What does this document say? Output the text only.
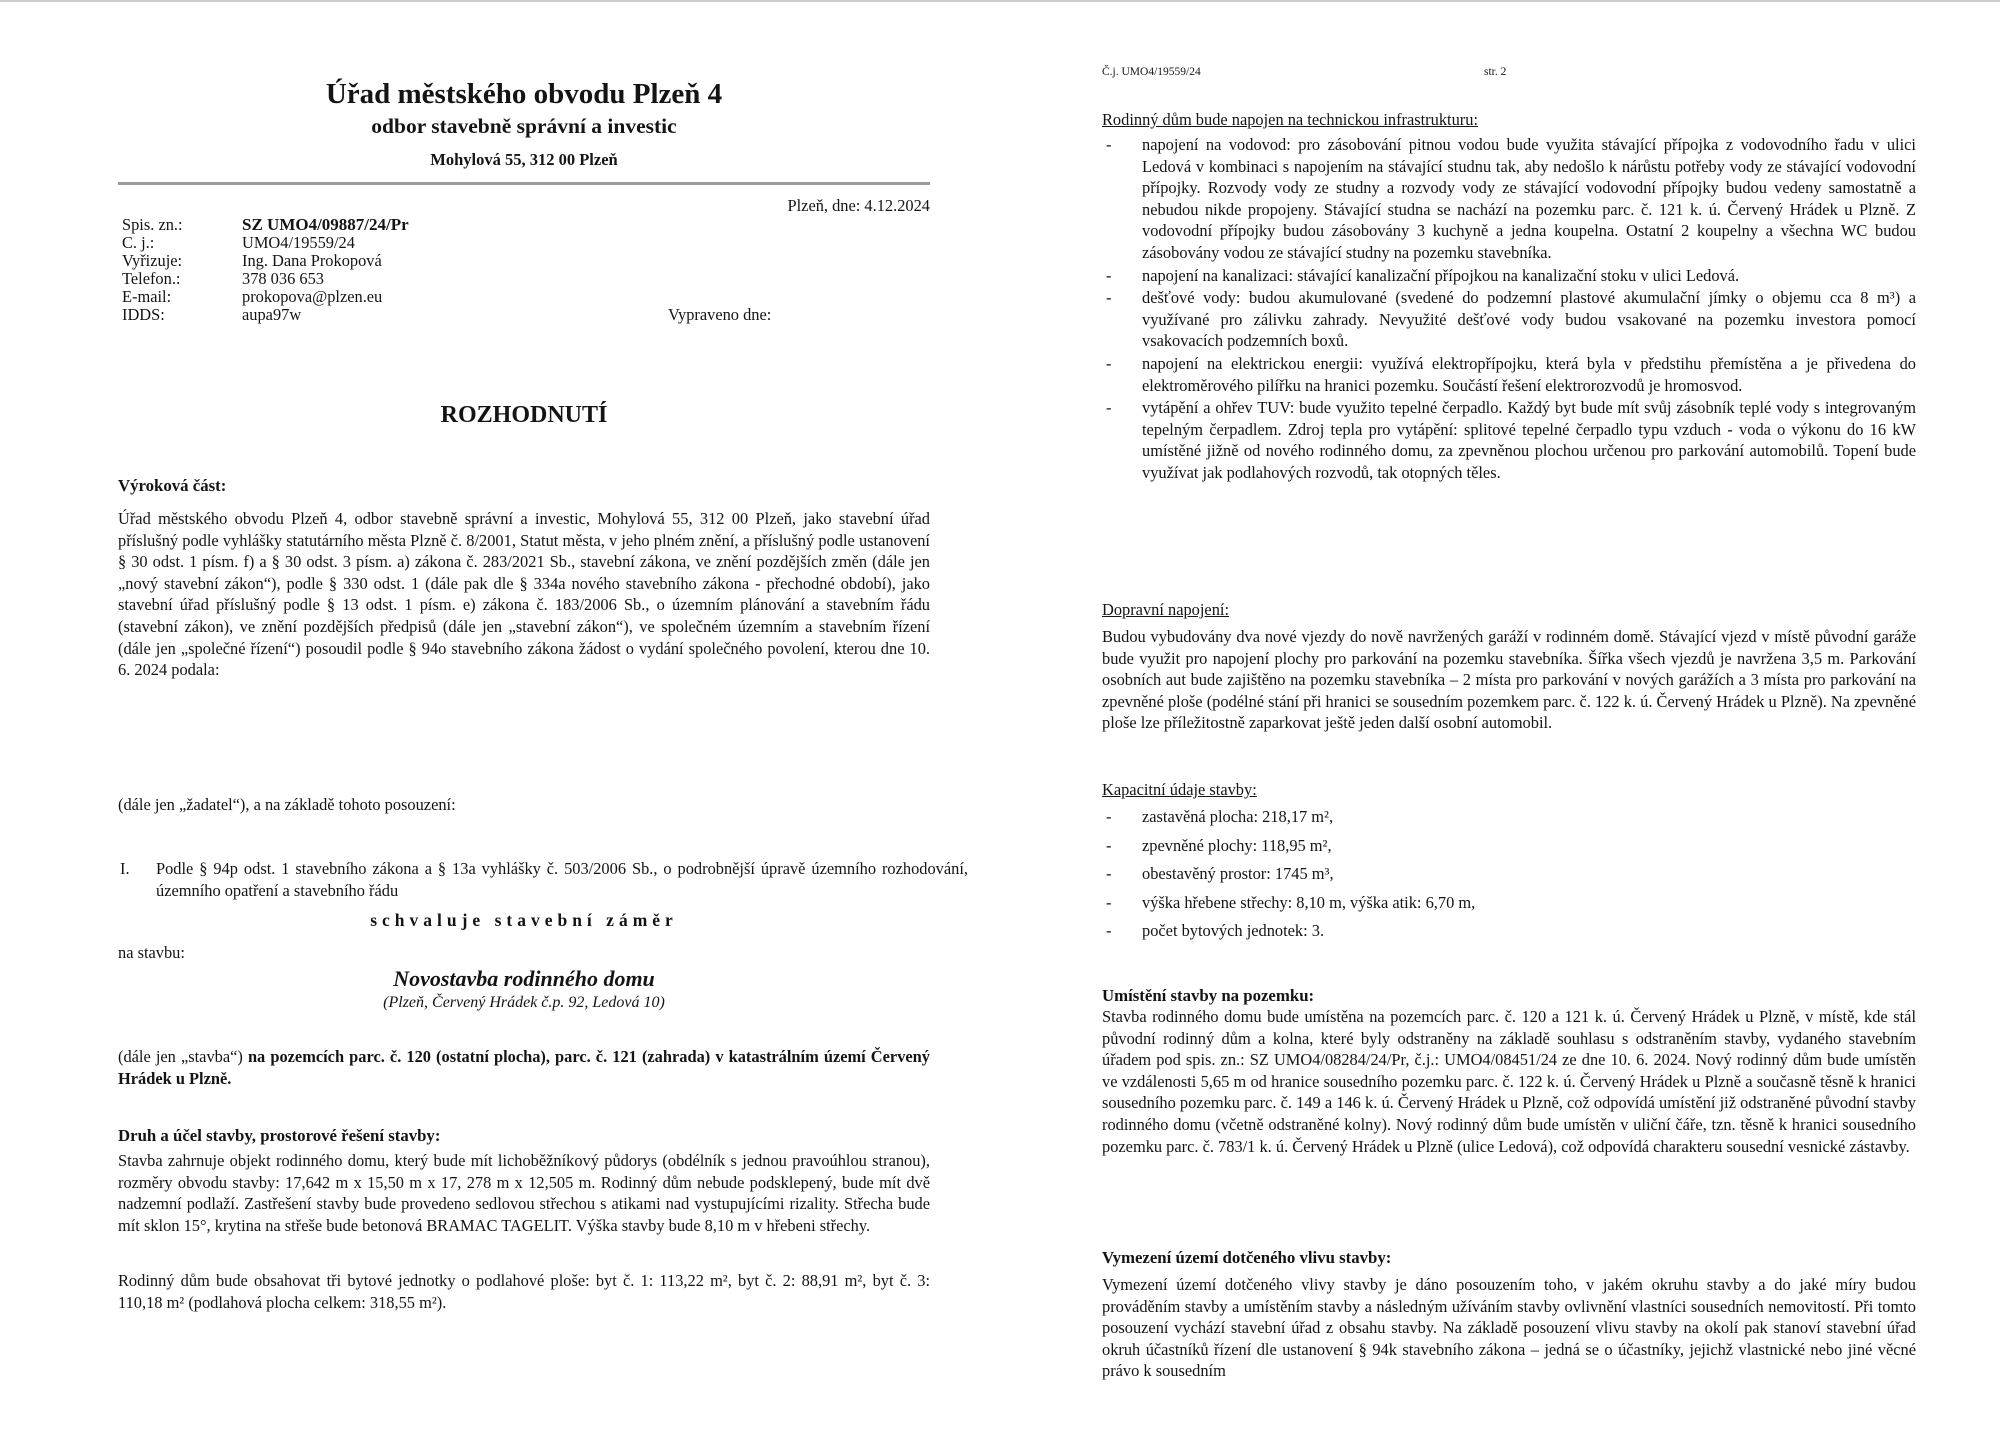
Úřad městského obvodu Plzeň 4
odbor stavebně správní a investic
Mohylová 55, 312 00 Plzeň
Plzeň, dne: 4.12.2024
Spis. zn.:	SZ UMO4/09887/24/Pr
C. j.:	UMO4/19559/24
Vyřizuje:	Ing. Dana Prokopová
Telefon.:	378 036 653
E-mail:	prokopova@plzen.eu
IDDS:	aupa97w	Vypraveno dne:
ROZHODNUTÍ

Výroková část:

Úřad městského obvodu Plzeň 4, odbor stavebně správní a investic, Mohylová 55, 312 00 Plzeň, jako stavební úřad příslušný podle vyhlášky statutárního města Plzně č. 8/2001, Statut města, v jeho plném znění, a příslušný podle ustanovení § 30 odst. 1 písm. f) a § 30 odst. 3 písm. a) zákona č. 283/2021 Sb., stavební zákona, ve znění pozdějších změn (dále jen „nový stavební zákon“), podle § 330 odst. 1 (dále pak dle § 334a nového stavebního zákona - přechodné období), jako stavební úřad příslušný podle § 13 odst. 1 písm. e) zákona č. 183/2006 Sb., o územním plánování a stavebním řádu (stavební zákon), ve znění pozdějších předpisů (dále jen „stavební zákon“), ve společném územním a stavebním řízení (dále jen „společné řízení“) posoudil podle § 94o stavebního zákona žádost o vydání společného povolení, kterou dne 10. 6. 2024 podala:

(dále jen „žadatel“), a na základě tohoto posouzení:

I. Podle § 94p odst. 1 stavebního zákona a § 13a vyhlášky č. 503/2006 Sb., o podrobnější úpravě územního rozhodování, územního opatření a stavebního řádu

schvaluje stavební záměr

na stavbu:

Novostavba rodinného domu

(Plzeň, Červený Hrádek č.p. 92, Ledová 10)

(dále jen „stavba“) na pozemcích parc. č. 120 (ostatní plocha), parc. č. 121 (zahrada) v katastrálním území Červený Hrádek u Plzně.

Druh a účel stavby, prostorové řešení stavby:

Stavba zahrnuje objekt rodinného domu, který bude mít lichoběžníkový půdorys (obdélník s jednou pravoúhlou stranou), rozměry obvodu stavby: 17,642 m x 15,50 m x 17, 278 m x 12,505 m. Rodinný dům nebude podsklepený, bude mít dvě nadzemní podlaží. Zastřešení stavby bude provedeno sedlovou střechou s atikami nad vystupujícími rizality. Střecha bude mít sklon 15°, krytina na střeše bude betonová BRAMAC TAGELIT. Výška stavby bude 8,10 m v hřebeni střechy.

Rodinný dům bude obsahovat tři bytové jednotky o podlahové ploše: byt č. 1: 113,22 m², byt č. 2: 88,91 m², byt č. 3: 110,18 m² (podlahová plocha celkem: 318,55 m²).

Č.j. UMO4/19559/24	str. 2

Rodinný dům bude napojen na technickou infrastrukturu:

- napojení na vodovod: pro zásobování pitnou vodou bude využita stávající přípojka z vodovodního řadu v ulici Ledová v kombinaci s napojením na stávající studnu tak, aby nedošlo k nárůstu potřeby vody ze stávající vodovodní přípojky. Rozvody vody ze studny a rozvody vody ze stávající vodovodní přípojky budou vedeny samostatně a nebudou nikde propojeny. Stávající studna se nachází na pozemku parc. č. 121 k. ú. Červený Hrádek u Plzně. Z vodovodní přípojky budou zásobovány 3 kuchyně a jedna koupelna. Ostatní 2 koupelny a všechna WC budou zásobovány vodou ze stávající studny na pozemku stavebníka.
- napojení na kanalizaci: stávající kanalizační přípojkou na kanalizační stoku v ulici Ledová.
- dešťové vody: budou akumulované (svedené do podzemní plastové akumulační jímky o objemu cca 8 m³) a využívané pro zálivku zahrady. Nevyužité dešťové vody budou vsakované na pozemku investora pomocí vsakovacích podzemních boxů.
- napojení na elektrickou energii: využívá elektropřípojku, která byla v předstihu přemístěna a je přivedena do elektroměrového pilířku na hranici pozemku. Součástí řešení elektrorozvodů je hromosvod.
- vytápění a ohřev TUV: bude využito tepelné čerpadlo. Každý byt bude mít svůj zásobník teplé vody s integrovaným tepelným čerpadlem. Zdroj tepla pro vytápění: splitové tepelné čerpadlo typu vzduch - voda o výkonu do 16 kW umístěné jižně od nového rodinného domu, za zpevněnou plochou určenou pro parkování automobilů. Topení bude využívat jak podlahových rozvodů, tak otopných těles.

Dopravní napojení:

Budou vybudovány dva nové vjezdy do nově navržených garáží v rodinném domě. Stávající vjezd v místě původní garáže bude využit pro napojení plochy pro parkování na pozemku stavebníka. Šířka všech vjezdů je navržena 3,5 m. Parkování osobních aut bude zajištěno na pozemku stavebníka – 2 místa pro parkování v nových garážích a 3 místa pro parkování na zpevněné ploše (podélné stání při hranici se sousedním pozemkem parc. č. 122 k. ú. Červený Hrádek u Plzně). Na zpevněné ploše lze příležitostně zaparkovat ještě jeden další osobní automobil.

Kapacitní údaje stavby:

- zastavěná plocha: 218,17 m²,
- zpevněné plochy: 118,95 m²,
- obestavěný prostor: 1745 m³,
- výška hřebene střechy: 8,10 m, výška atik: 6,70 m,
- počet bytových jednotek: 3.

Umístění stavby na pozemku:

Stavba rodinného domu bude umístěna na pozemcích parc. č. 120 a 121 k. ú. Červený Hrádek u Plzně, v místě, kde stál původní rodinný dům a kolna, které byly odstraněny na základě souhlasu s odstraněním stavby, vydaného stavebním úřadem pod spis. zn.: SZ UMO4/08284/24/Pr, č.j.: UMO4/08451/24 ze dne 10. 6. 2024. Nový rodinný dům bude umístěn ve vzdálenosti 5,65 m od hranice sousedního pozemku parc. č. 122 k. ú. Červený Hrádek u Plzně a současně těsně k hranici sousedního pozemku parc. č. 149 a 146 k. ú. Červený Hrádek u Plzně, což odpovídá umístění již odstraněné původní stavby rodinného domu (včetně odstraněné kolny). Nový rodinný dům bude umístěn v uliční čáře, tzn. těsně k hranici sousedního pozemku parc. č. 783/1 k. ú. Červený Hrádek u Plzně (ulice Ledová), což odpovídá charakteru sousední vesnické zástavby.

Vymezení území dotčeného vlivu stavby:

Vymezení území dotčeného vlivy stavby je dáno posouzením toho, v jakém okruhu stavby a do jaké míry budou prováděním stavby a umístěním stavby a následným užíváním stavby ovlivnění vlastníci sousedních nemovitostí. Při tomto posouzení vychází stavební úřad z obsahu stavby. Na základě posouzení vlivu stavby na okolí pak stanoví stavební úřad okruh účastníků řízení dle ustanovení § 94k stavebního zákona – jedná se o účastníky, jejichž vlastnické nebo jiné věcné právo k sousedním
